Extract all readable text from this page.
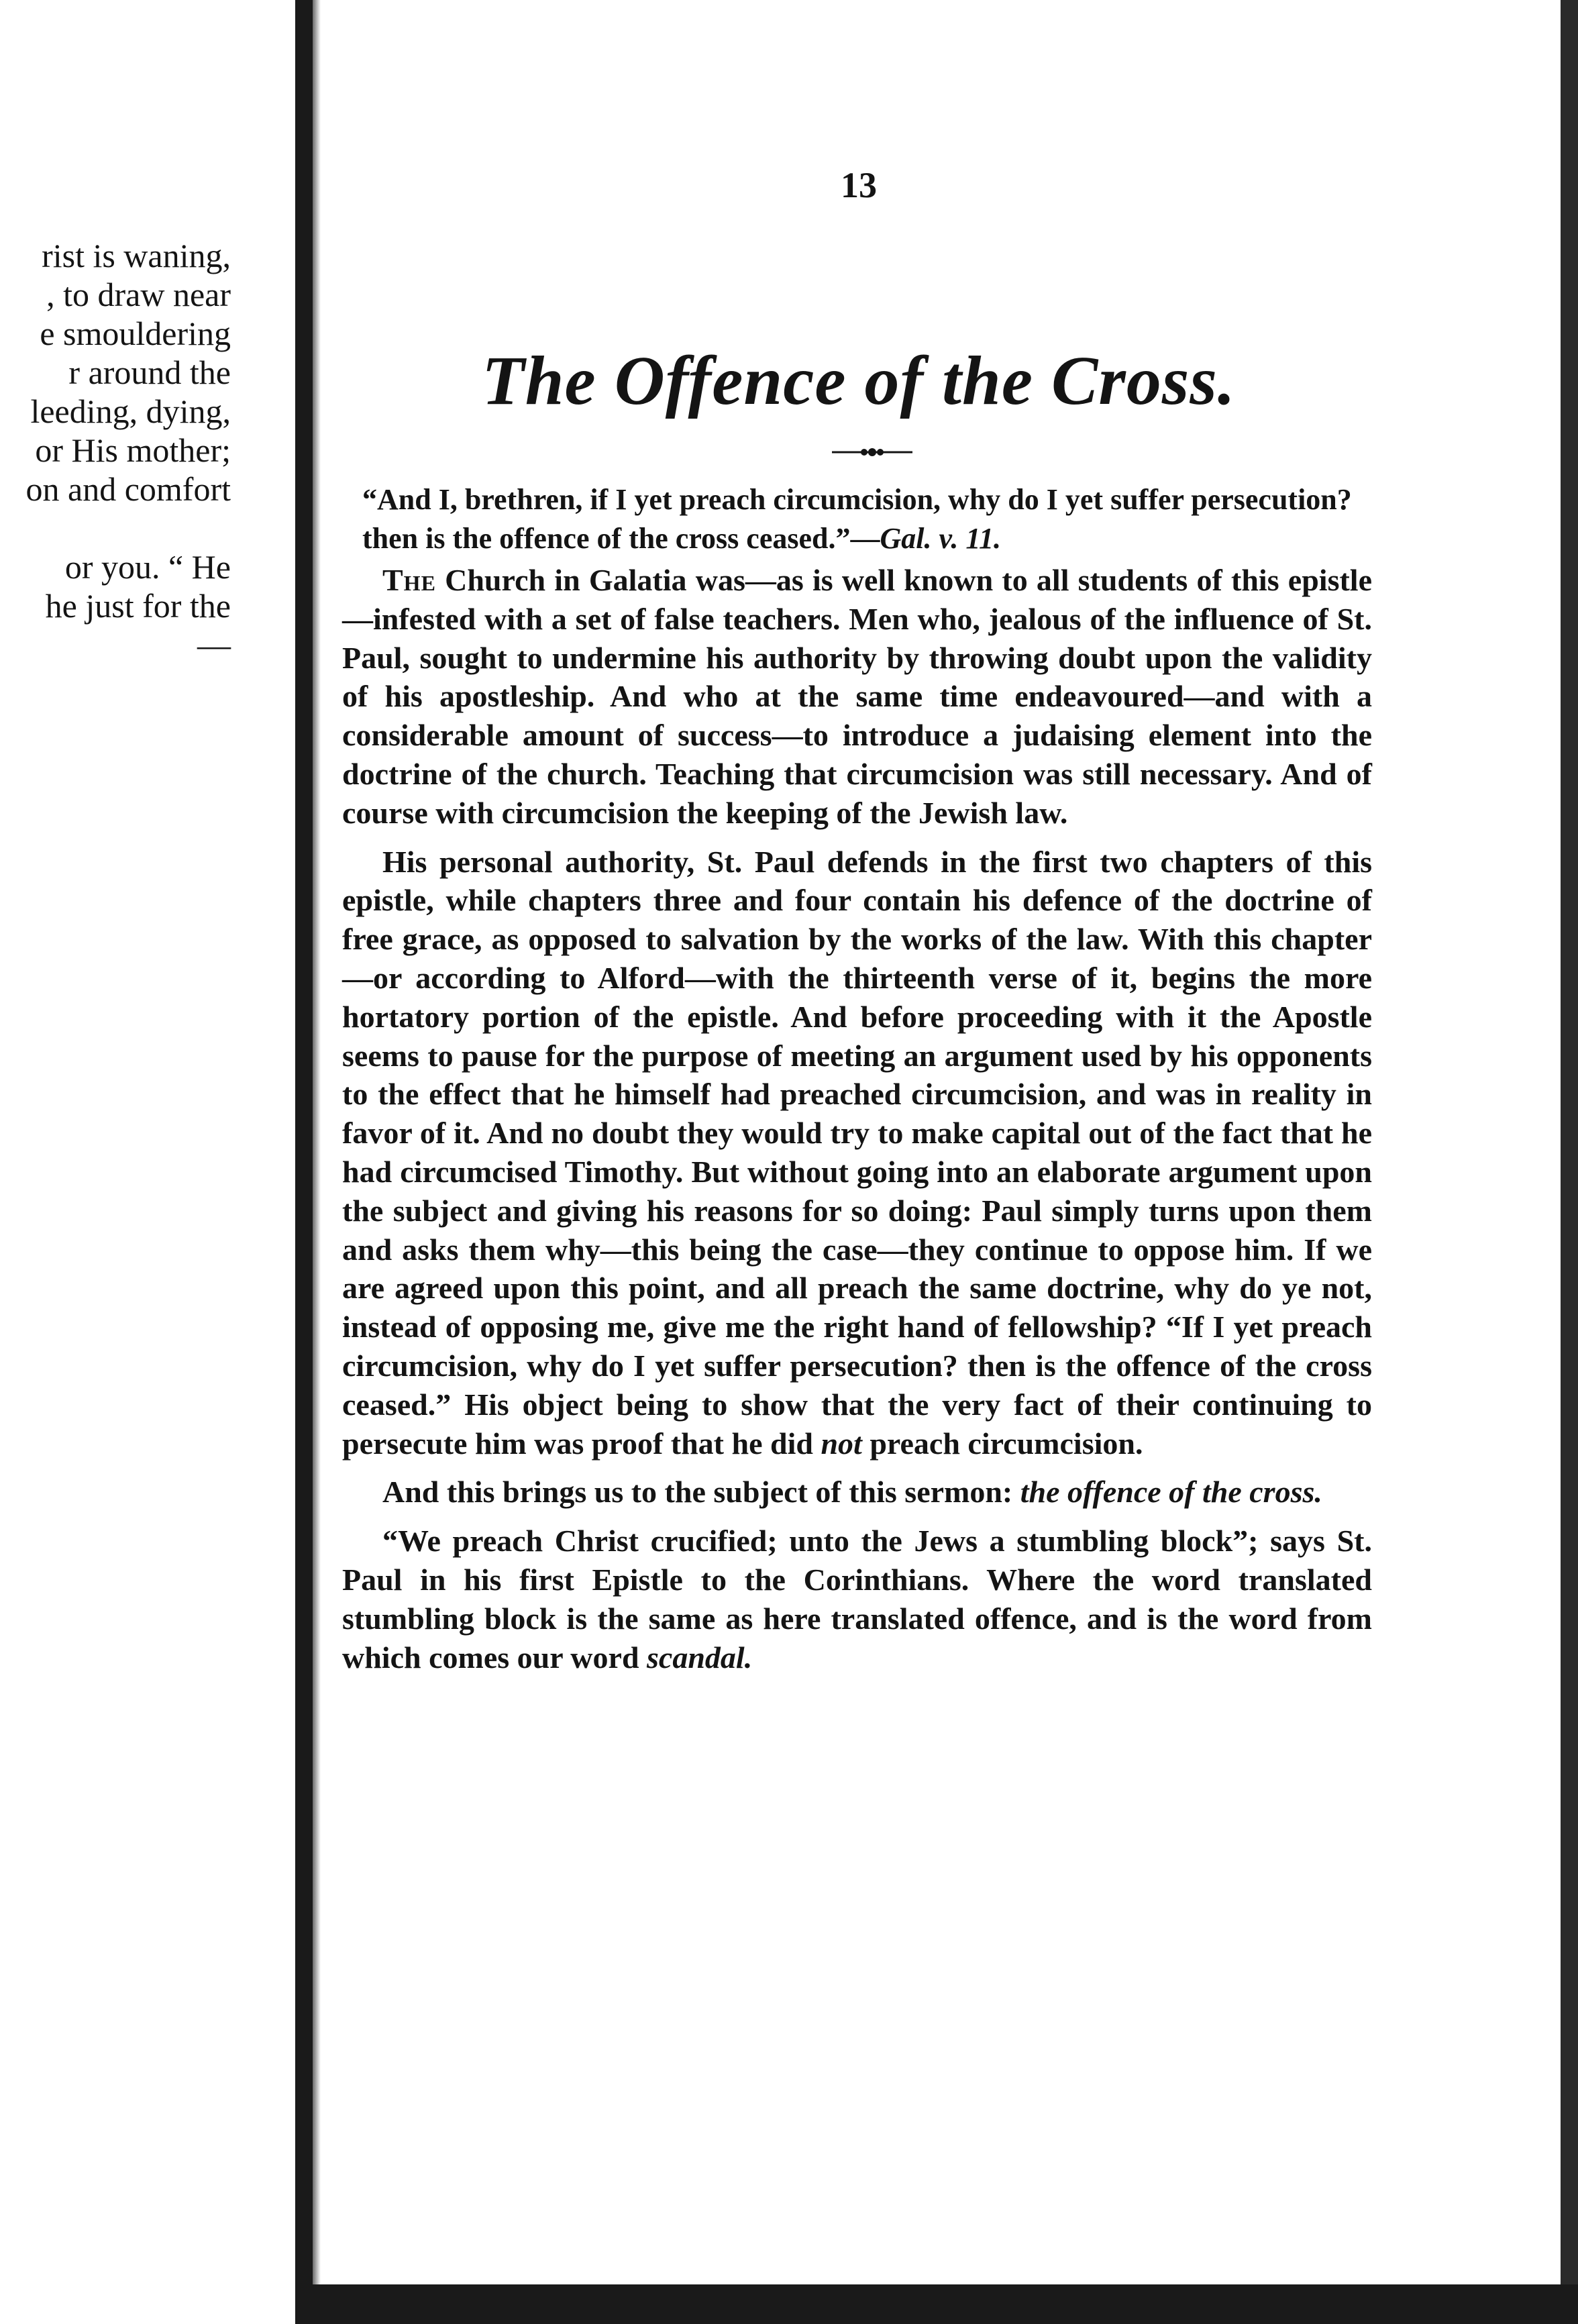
rist is waning,
, to draw near
e smouldering
r around the
leeding, dying,
or His mother;
on and comfort
or you. “ He
he just for the
—
13
The Offence of the Cross.
“And I, brethren, if I yet preach circumcision, why do I yet suffer persecution? then is the offence of the cross ceased.”—Gal. v. 11.

The Church in Galatia was—as is well known to all students of this epistle—infested with a set of false teachers. Men who, jealous of the influence of St. Paul, sought to undermine his authority by throwing doubt upon the validity of his apostleship. And who at the same time endeavoured—and with a considerable amount of success—to introduce a judaising element into the doctrine of the church. Teaching that circumcision was still necessary. And of course with circumcision the keeping of the Jewish law.

His personal authority, St. Paul defends in the first two chapters of this epistle, while chapters three and four contain his defence of the doctrine of free grace, as opposed to salvation by the works of the law. With this chapter—or according to Alford—with the thirteenth verse of it, begins the more hortatory portion of the epistle. And before proceeding with it the Apostle seems to pause for the purpose of meeting an argument used by his opponents to the effect that he himself had preached circumcision, and was in reality in favor of it. And no doubt they would try to make capital out of the fact that he had circumcised Timothy. But without going into an elaborate argument upon the subject and giving his reasons for so doing: Paul simply turns upon them and asks them why—this being the case—they continue to oppose him. If we are agreed upon this point, and all preach the same doctrine, why do ye not, instead of opposing me, give me the right hand of fellowship? “If I yet preach circumcision, why do I yet suffer persecution? then is the offence of the cross ceased.” His object being to show that the very fact of their continuing to persecute him was proof that he did not preach circumcision.

And this brings us to the subject of this sermon: the offence of the cross.

“We preach Christ crucified; unto the Jews a stumbling block”; says St. Paul in his first Epistle to the Corinthians. Where the word translated stumbling block is the same as here translated offence, and is the word from which comes our word scandal.
